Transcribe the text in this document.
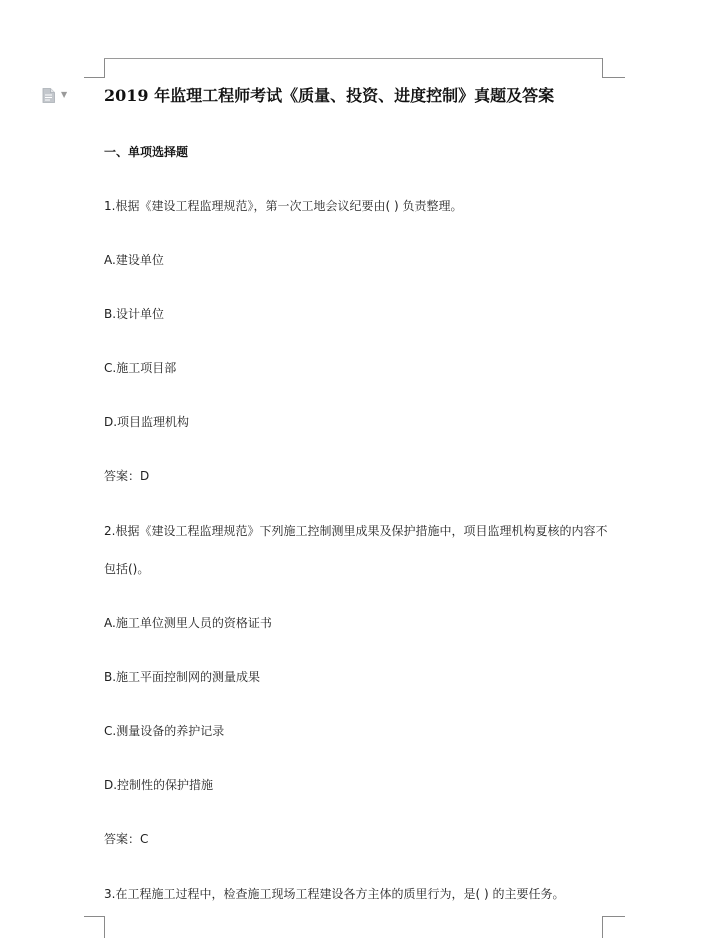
▼ 2019 年监理工程师考试《质量、投资、进度控制》真题及答案
一、单项选择题
1.根据《建设工程监理规范》，第一次工地会议纪要由( ) 负责整理。
A.建设单位
B.设计单位
C.施工项目部
D.项目监理机构
答案：D
2.根据《建设工程监理规范》下列施工控制测里成果及保护措施中，项目监理机构夏核的内容不
包括()。
A.施工单位测里人员的资格证书
B.施工平面控制网的测量成果
C.测量设备的养护记录
D.控制性的保护措施
答案：C
3.在工程施工过程中，检查施工现场工程建设各方主体的质里行为，是( ) 的主要任务。
